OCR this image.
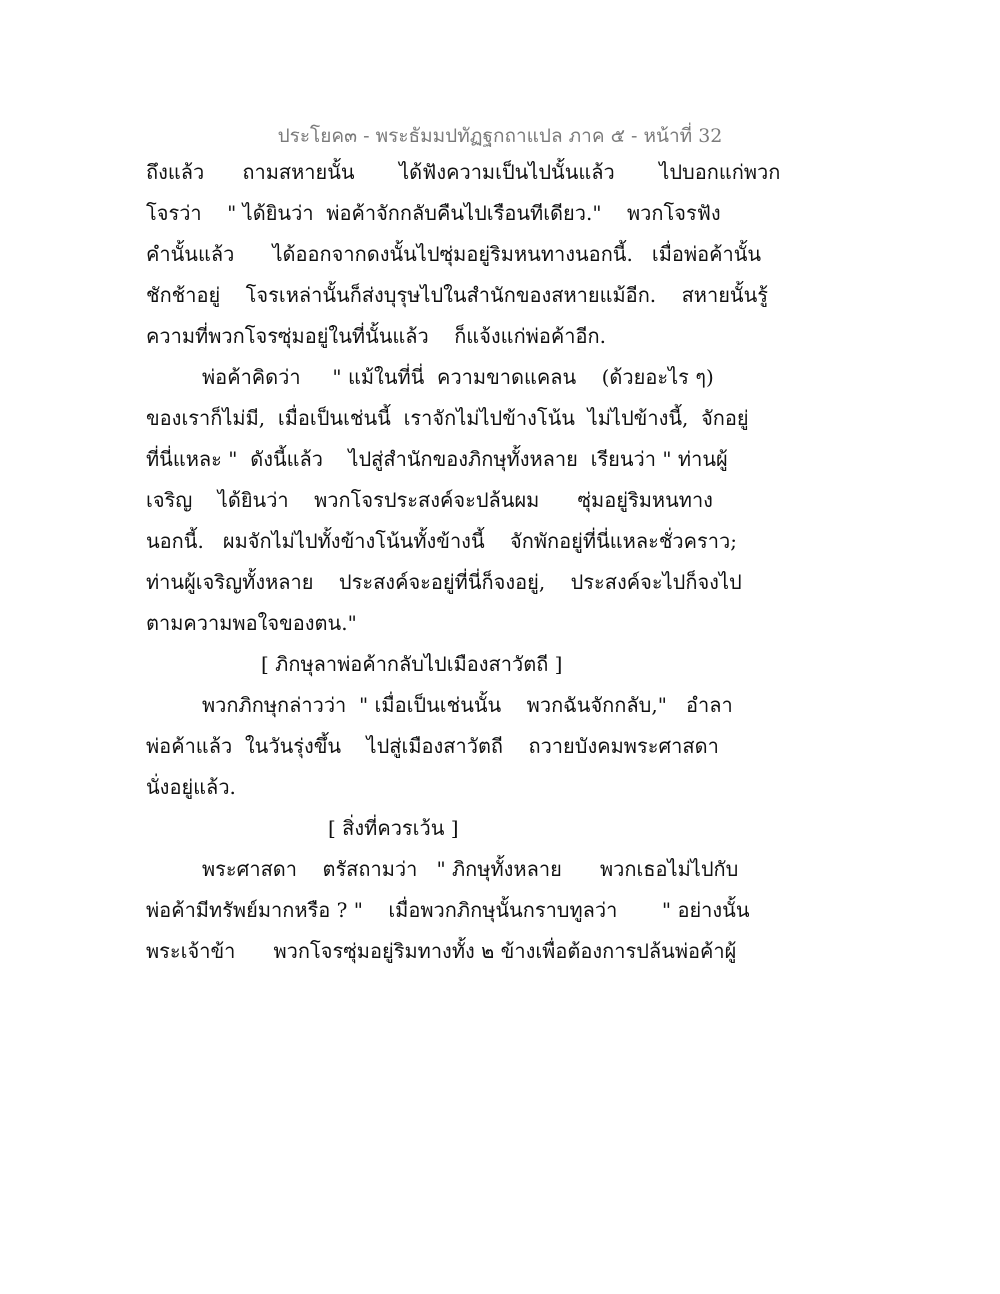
ประโยค๓ - พระธัมมปทัฏฐกถาแปล ภาค ๕ - หน้าที่ 32
ถึงแล้ว      ถามสหายนั้น       ได้ฟังความเป็นไปนั้นแล้ว       ไปบอกแก่พวก
โจรว่า    " ได้ยินว่า  พ่อค้าจักกลับคืนไปเรือนทีเดียว."    พวกโจรฟัง
คำนั้นแล้ว      ได้ออกจากดงนั้นไปซุ่มอยู่ริมหนทางนอกนี้.   เมื่อพ่อค้านั้น
ชักช้าอยู่    โจรเหล่านั้นก็ส่งบุรุษไปในสำนักของสหายแม้อีก.    สหายนั้นรู้
ความที่พวกโจรซุ่มอยู่ในที่นั้นแล้ว    ก็แจ้งแก่พ่อค้าอีก.
พ่อค้าคิดว่า     " แม้ในที่นี่  ความขาดแคลน    (ด้วยอะไร ๆ)
ของเราก็ไม่มี,  เมื่อเป็นเช่นนี้  เราจักไม่ไปข้างโน้น  ไม่ไปข้างนี้,  จักอยู่
ที่นี่แหละ "  ดังนี้แล้ว    ไปสู่สำนักของภิกษุทั้งหลาย  เรียนว่า " ท่านผู้
เจริญ    ได้ยินว่า    พวกโจรประสงค์จะปล้นผม      ซุ่มอยู่ริมหนทาง
นอกนี้.   ผมจักไม่ไปทั้งข้างโน้นทั้งข้างนี้    จักพักอยู่ที่นี่แหละชั่วคราว;
ท่านผู้เจริญทั้งหลาย    ประสงค์จะอยู่ที่นี่ก็จงอยู่,    ประสงค์จะไปก็จงไป
ตามความพอใจของตน."
[ ภิกษุลาพ่อค้ากลับไปเมืองสาวัตถี ]
พวกภิกษุกล่าวว่า  " เมื่อเป็นเช่นนั้น    พวกฉันจักกลับ,"   อำลา
พ่อค้าแล้ว  ในวันรุ่งขึ้น    ไปสู่เมืองสาวัตถี    ถวายบังคมพระศาสดา
นั่งอยู่แล้ว.
[ สิ่งที่ควรเว้น ]
พระศาสดา    ตรัสถามว่า   " ภิกษุทั้งหลาย      พวกเธอไม่ไปกับ
พ่อค้ามีทรัพย์มากหรือ ? "    เมื่อพวกภิกษุนั้นกราบทูลว่า       " อย่างนั้น
พระเจ้าข้า      พวกโจรซุ่มอยู่ริมทางทั้ง ๒ ข้างเพื่อต้องการปล้นพ่อค้าผู้
